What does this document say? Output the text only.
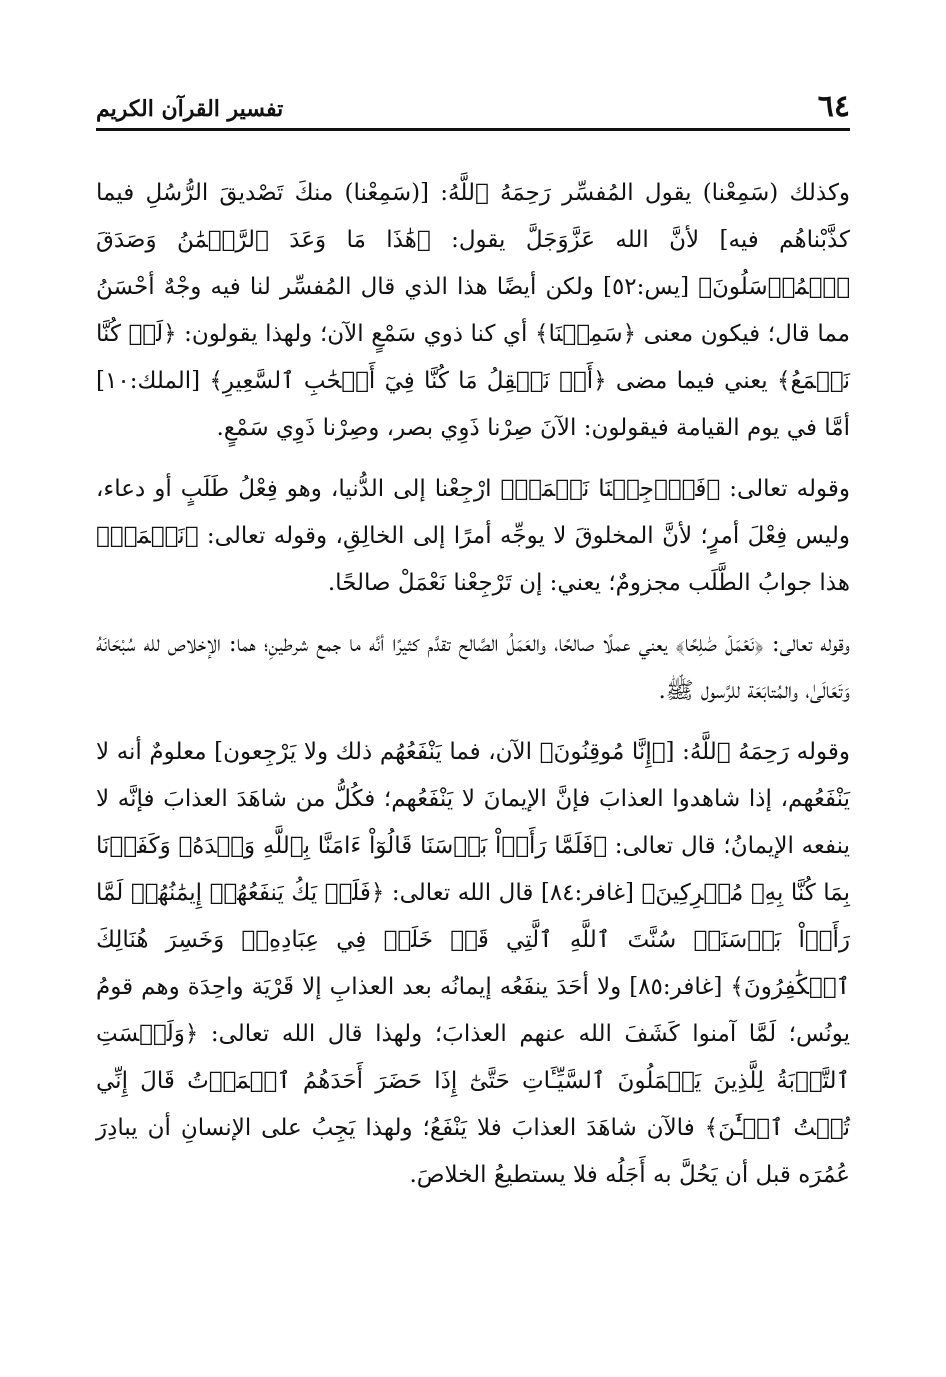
٦٤
تفسير القرآن الكريم

وكذلك (سَمِعْنا) يقول المُفسِّر رَحِمَهُ ٱللَّهُ: [(سَمِعْنا) منكَ تَصْديقَ الرُّسُلِ فيما كذَّبْناهُم فيه] لأنَّ الله عَزَّوَجَلَّ يقول: ﴿هَٰذَا مَا وَعَدَ ٱلرَّحۡمَٰنُ وَصَدَقَ ٱلۡمُرۡسَلُونَ﴾ [يس:٥٢] ولكن أيضًا هذا الذي قال المُفسِّر لنا فيه وجْهٌ أحْسَنُ مما قال؛ فيكون معنى ﴿سَمِعۡنَا﴾ أي كنا ذوي سَمْعٍ الآن؛ ولهذا يقولون: ﴿لَوۡ كُنَّا نَسۡمَعُ﴾ يعني فيما مضى ﴿أَوۡ نَعۡقِلُ مَا كُنَّا فِيٓ أَصۡحَٰبِ ٱلسَّعِيرِ﴾ [الملك:١٠] أمَّا في يوم القيامة فيقولون: الآنَ صِرْنا ذَوِي بصر، وصِرْنا ذَوِي سَمْعٍ.

وقوله تعالى: ﴿فَٱرۡجِعۡنَا نَعۡمَلۡ﴾ ارْجِعْنا إلى الدُّنيا، وهو فِعْلُ طَلَبٍ أو دعاء، وليس فِعْلَ أمرٍ؛ لأنَّ المخلوقَ لا يوجِّه أمرًا إلى الخالِقِ، وقوله تعالى: ﴿نَعۡمَلۡ﴾ هذا جوابُ الطَّلَب مجزومٌ؛ يعني: إن تَرْجِعْنا نَعْمَلْ صالحًا.

وقوله تعالى: ﴿نَعۡمَلۡ صَٰلِحًا﴾ يعني عملًا صالحًا، والعَمَلُ الصَّالح تقدَّم كثيرًا أنَّه ما جمع شرطينِ؛ هما: الإخلاص لله سُبْحَانَهُ وَتَعَالَىٰ، والمُتابَعَة للرَّسول ﷺ.

وقوله رَحِمَهُ ٱللَّهُ: [﴿إِنَّا مُوقِنُونَ﴾ الآن، فما يَنْفَعُهُم ذلك ولا يَرْجِعون] معلومٌ أنه لا يَنْفَعُهم، إذا شاهدوا العذابَ فإنَّ الإيمانَ لا يَنْفَعُهم؛ فكُلُّ من شاهَدَ العذابَ فإنَّه لا ينفعه الإيمانُ؛ قال تعالى: ﴿فَلَمَّا رَأَوۡاْ بَأۡسَنَا قَالُوٓاْ ءَامَنَّا بِٱللَّهِ وَحۡدَهُۥ وَكَفَرۡنَا بِمَا كُنَّا بِهِۦ مُشۡرِكِينَ﴾ [غافر:٨٤] قال الله تعالى: ﴿فَلَمۡ يَكُ يَنفَعُهُمۡ إِيمَٰنُهُمۡ لَمَّا رَأَوۡاْ بَأۡسَنَاۖ سُنَّتَ ٱللَّهِ ٱلَّتِي قَدۡ خَلَتۡ فِي عِبَادِهِۦۖ وَخَسِرَ هُنَالِكَ ٱلۡكَٰفِرُونَ﴾ [غافر:٨٥] ولا أحَدَ ينفَعُه إيمانُه بعد العذابِ إلا قَرْيَة واحِدَة وهم قومُ يونُس؛ لَمَّا آمنوا كَشَفَ الله عنهم العذابَ؛ ولهذا قال الله تعالى: ﴿وَلَيۡسَتِ ٱلتَّوۡبَةُ لِلَّذِينَ يَعۡمَلُونَ ٱلسَّيِّـَٔاتِ حَتَّىٰٓ إِذَا حَضَرَ أَحَدَهُمُ ٱلۡمَوۡتُ قَالَ إِنِّي تُبۡتُ ٱلۡـَٰٔنَ﴾ فالآن شاهَدَ العذابَ فلا يَنْفَعُ؛ ولهذا يَجِبُ على الإنسانِ أن يبادِرَ عُمُرَه قبل أن يَحُلَّ به أَجَلُه فلا يستطيعُ الخلاصَ.
